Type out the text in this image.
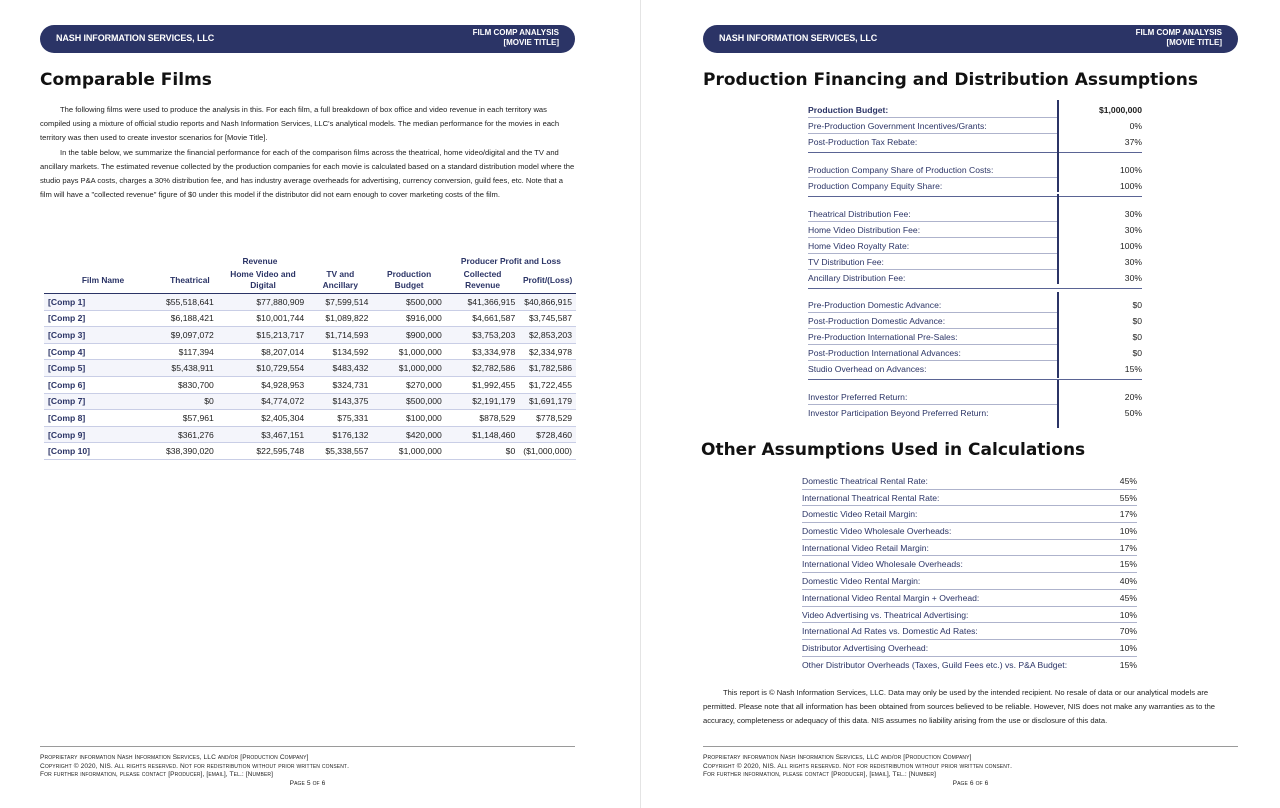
NASH INFORMATION SERVICES, LLC
FILM COMP ANALYSIS
[MOVIE TITLE]
Comparable Films

The following films were used to produce the analysis in this. For each film, a full breakdown of box office and video revenue in each territory was compiled using a mixture of official studio reports and Nash Information Services, LLC's analytical models. The median performance for the movies in each territory was then used to create investor scenarios for [Movie Title].

In the table below, we summarize the financial performance for each of the comparison films across the theatrical, home video/digital and the TV and ancillary markets. The estimated revenue collected by the production companies for each movie is calculated based on a standard distribution model where the studio pays P&A costs, charges a 30% distribution fee, and has industry average overheads for advertising, currency conversion, guild fees, etc. Note that a film will have a "collected revenue" figure of $0 under this model if the distributor did not earn enough to cover marketing costs of the film.

	Revenue				Producer Profit and Loss	
Film Name	Theatrical	Home Video and Digital	TV and Ancillary	Production Budget	Collected Revenue	Profit/(Loss)
[Comp 1]	$55,518,641	$77,880,909	$7,599,514	$500,000	$41,366,915	$40,866,915
[Comp 2]	$6,188,421	$10,001,744	$1,089,822	$916,000	$4,661,587	$3,745,587
[Comp 3]	$9,097,072	$15,213,717	$1,714,593	$900,000	$3,753,203	$2,853,203
[Comp 4]	$117,394	$8,207,014	$134,592	$1,000,000	$3,334,978	$2,334,978
[Comp 5]	$5,438,911	$10,729,554	$483,432	$1,000,000	$2,782,586	$1,782,586
[Comp 6]	$830,700	$4,928,953	$324,731	$270,000	$1,992,455	$1,722,455
[Comp 7]	$0	$4,774,072	$143,375	$500,000	$2,191,179	$1,691,179
[Comp 8]	$57,961	$2,405,304	$75,331	$100,000	$878,529	$778,529
[Comp 9]	$361,276	$3,467,151	$176,132	$420,000	$1,148,460	$728,460
[Comp 10]	$38,390,020	$22,595,748	$5,338,557	$1,000,000	$0	($1,000,000)
Proprietary information Nash Information Services, LLC and/or [Production Company]
Copyright © 2020, NIS. All rights reserved. Not for redistribution without prior written consent.
For further information, please contact [Producer], [email], Tel.: [Number]
Page 5 of 6
NASH INFORMATION SERVICES, LLC
FILM COMP ANALYSIS
[MOVIE TITLE]
Production Financing and Distribution Assumptions
Production Budget:	$1,000,000
Pre-Production Government Incentives/Grants:	0%
Post-Production Tax Rebate:	37%
Production Company Share of Production Costs:	100%
Production Company Equity Share:	100%
Theatrical Distribution Fee:	30%
Home Video Distribution Fee:	30%
Home Video Royalty Rate:	100%
TV Distribution Fee:	30%
Ancillary Distribution Fee:	30%
Pre-Production Domestic Advance:	$0
Post-Production Domestic Advance:	$0
Pre-Production International Pre-Sales:	$0
Post-Production International Advances:	$0
Studio Overhead on Advances:	15%
Investor Preferred Return:	20%
Investor Participation Beyond Preferred Return:	50%
Other Assumptions Used in Calculations
Domestic Theatrical Rental Rate:	45%
International Theatrical Rental Rate:	55%
Domestic Video Retail Margin:	17%
Domestic Video Wholesale Overheads:	10%
International Video Retail Margin:	17%
International Video Wholesale Overheads:	15%
Domestic Video Rental Margin:	40%
International Video Rental Margin + Overhead:	45%
Video Advertising vs. Theatrical Advertising:	10%
International Ad Rates vs. Domestic Ad Rates:	70%
Distributor Advertising Overhead:	10%
Other Distributor Overheads (Taxes, Guild Fees etc.) vs. P&A Budget:	15%
This report is © Nash Information Services, LLC. Data may only be used by the intended recipient. No resale of data or our analytical models are permitted. Please note that all information has been obtained from sources believed to be reliable. However, NIS does not make any warranties as to the accuracy, completeness or adequacy of this data. NIS assumes no liability arising from the use or disclosure of this data.
Proprietary information Nash Information Services, LLC and/or [Production Company]
Copyright © 2020, NIS. All rights reserved. Not for redistribution without prior written consent.
For further information, please contact [Producer], [email], Tel.: [Number]
Page 6 of 6
